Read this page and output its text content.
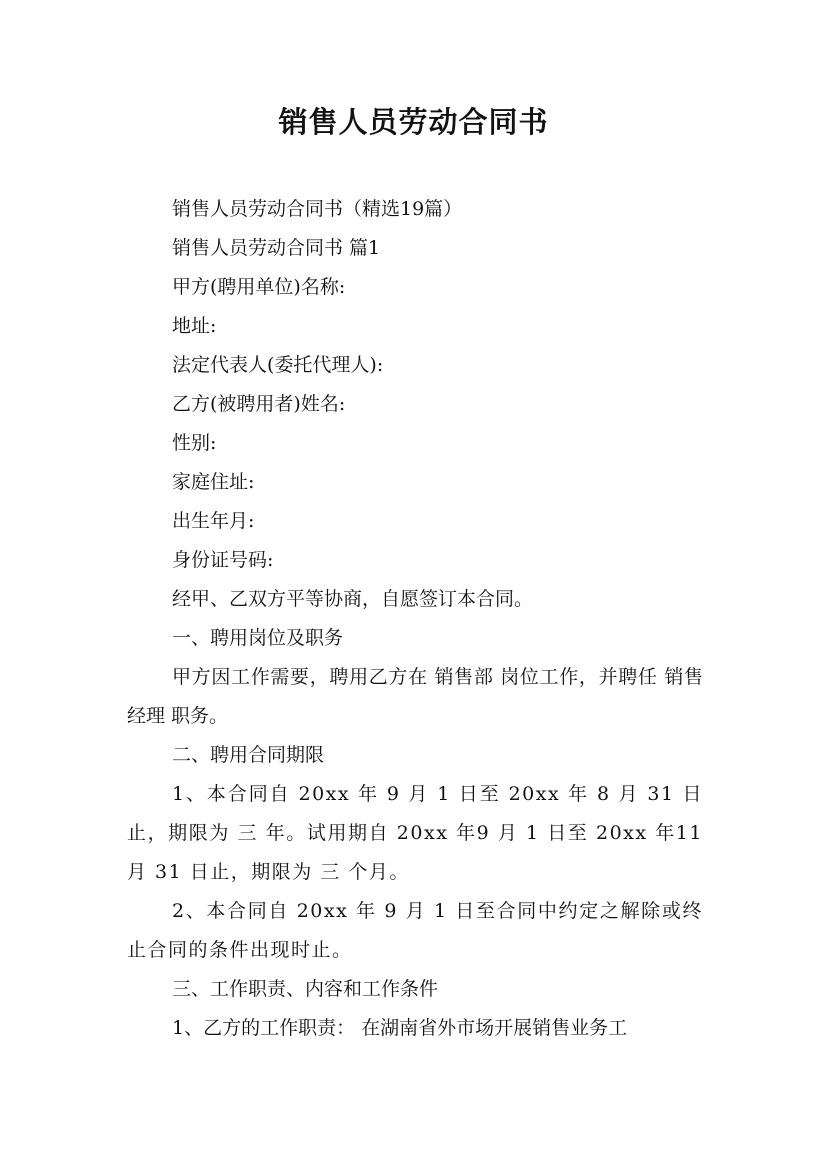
销售人员劳动合同书

销售人员劳动合同书（精选19篇）

销售人员劳动合同书 篇1

甲方(聘用单位)名称:

地址:

法定代表人(委托代理人):

乙方(被聘用者)姓名:

性别:

家庭住址:

出生年月:

身份证号码:

经甲、乙双方平等协商，自愿签订本合同。

一、聘用岗位及职务

甲方因工作需要，聘用乙方在 销售部 岗位工作，并聘任 销售经理 职务。

二、聘用合同期限

1、本合同自 20xx 年 9 月 1 日至 20xx 年 8 月 31 日止，期限为 三 年。试用期自 20xx 年9 月 1 日至 20xx 年11 月 31 日止，期限为 三 个月。

2、本合同自 20xx 年 9 月 1 日至合同中约定之解除或终止合同的条件出现时止。

三、工作职责、内容和工作条件

1、乙方的工作职责： 在湖南省外市场开展销售业务工
